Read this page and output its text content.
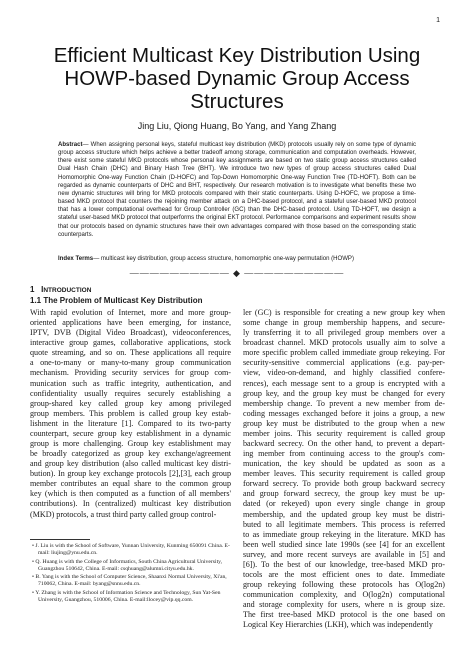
1
Efficient Multicast Key Distribution Using HOWP-based Dynamic Group Access Structures
Jing Liu, Qiong Huang, Bo Yang, and Yang Zhang
Abstract— When assigning personal keys, stateful multicast key distribution (MKD) protocols usually rely on some type of dynamic group access structure which helps achieve a better tradeoff among storage, communication and computation overheads. However, there exist some stateful MKD protocols whose personal key assignments are based on two static group access structures called Dual Hash Chain (DHC) and Binary Hash Tree (BHT). We introduce two new types of group access structures called Dual Homomorphic One-way Function Chain (D-HOFC) and Top-Down Homomorphic One-way Function Tree (TD-HOFT). Both can be regarded as dynamic counterparts of DHC and BHT, respectively. Our research motivation is to investigate what benefits these two new dynamic structures will bring for MKD protocols compared with their static counterparts. Using D-HOFC, we propose a time-based MKD protocol that counters the rejoining member attack on a DHC-based protocol, and a stateful user-based MKD protocol that has a lower computational overhead for Group Controller (GC) than the DHC-based protocol. Using TD-HOFT, we design a stateful user-based MKD protocol that outperforms the original EKT protocol. Performance comparisons and experiment results show that our protocols based on dynamic structures have their own advantages compared with those based on the corresponding static counterparts.
Index Terms— multicast key distribution, group access structure, homomorphic one-way permutation (HOWP)
—————————— ◆ ——————————
1 INTRODUCTION
1.1 The Problem of Multicast Key Distribution
With rapid evolution of Internet, more and more group-
oriented applications have been emerging, for instance,
IPTV, DVB (Digital Video Broadcast), videoconferences,
interactive group games, collaborative applications, stock
quote streaming, and so on. These applications all require
a one-to-many or many-to-many group communication
mechanism. Providing security services for group com-
munication such as traffic integrity, authentication, and
confidentiality usually requires securely establishing a
group-shared key called group key among privileged
group members. This problem is called group key estab-
lishment in the literature [1]. Compared to its two-party
counterpart, secure group key establishment in a dynamic
group is more challenging. Group key establishment may
be broadly categorized as group key exchange/agreement
and group key distribution (also called multicast key distri-
bution). In group key exchange protocols [2],[3], each group
member contributes an equal share to the common group
key (which is then computed as a function of all members'
contributions). In (centralized) multicast key distribution
(MKD) protocols, a trust third party called group control-
ler (GC) is responsible for creating a new group key when
some change in group membership happens, and secure-
ly transferring it to all privileged group members over a
broadcast channel. MKD protocols usually aim to solve a
more specific problem called immediate group rekeying. For
security-sensitive commercial applications (e.g. pay-per-
view, video-on-demand, and highly classified confere-
rences), each message sent to a group is encrypted with a
group key, and the group key must be changed for every
membership change. To prevent a new member from de-
coding messages exchanged before it joins a group, a new
group key must be distributed to the group when a new
member joins. This security requirement is called group
backward secrecy. On the other hand, to prevent a depart-
ing member from continuing access to the group's com-
munication, the key should be updated as soon as a
member leaves. This security requirement is called group
forward secrecy. To provide both group backward secrecy
and group forward secrecy, the group key must be up-
dated (or rekeyed) upon every single change in group
membership, and the updated group key must be distri-
buted to all legitimate members. This process is referred
to as immediate group rekeying in the literature. MKD has
been well studied since late 1990s (see [4] for an excellent
survey, and more recent surveys are available in [5] and
[6]). To the best of our knowledge, tree-based MKD pro-
tocols are the most efficient ones to date. Immediate
group rekeying following these protocols has O(log2n)
communication complexity, and O(log2n) computational
and storage complexity for users, where n is group size.
The first tree-based MKD protocol is the one based on
Logical Key Hierarchies (LKH), which was independently
• J. Liu is with the School of Software, Yunnan University, Kunming 650091 China. E-mail: liujing@ynu.edu.cn.
• Q. Huang is with the College of Informatics, South China Agricultural University, Guangzhou 510642, China. E-mail: csqhuang@alumni.cityu.edu.hk.
• B. Yang is with the School of Computer Science, Shaanxi Normal University, Xi'an, 710062, China. E-mail: byang@snnu.edu.cn.
• Y. Zhang is with the School of Information Science and Technology, Sun Yat-Sen University, Guangzhou, 510006, China. E-mail:llocey@vip.qq.com.
